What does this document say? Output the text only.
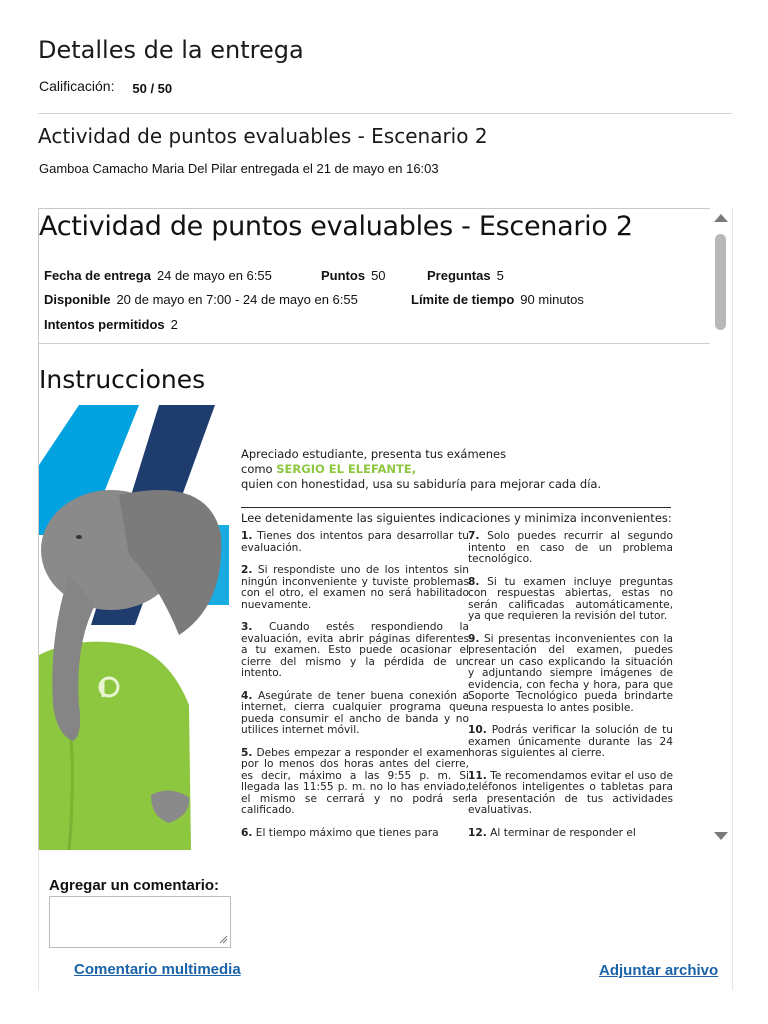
Detalles de la entrega
Calificación: 50 / 50
Actividad de puntos evaluables - Escenario 2
Gamboa Camacho Maria Del Pilar entregada el 21 de mayo en 16:03
Actividad de puntos evaluables - Escenario 2
Fecha de entrega 24 de mayo en 6:55	Puntos 50	Preguntas 5
Disponible 20 de mayo en 7:00 - 24 de mayo en 6:55	Límite de tiempo 90 minutos
Intentos permitidos 2
Instrucciones
Apreciado estudiante, presenta tus exámenes
como SERGIO EL ELEFANTE,
quien con honestidad, usa su sabiduría para mejorar cada día.
Lee detenidamente las siguientes indicaciones y minimiza inconvenientes:
1. Tienes dos intentos para desarrollar tu evaluación.
2. Si respondiste uno de los intentos sin ningún inconveniente y tuviste problemas con el otro, el examen no será habilitado nuevamente.
3. Cuando estés respondiendo la evaluación, evita abrir páginas diferentes a tu examen. Esto puede ocasionar el cierre del mismo y la pérdida de un intento.
4. Asegúrate de tener buena conexión a internet, cierra cualquier programa que pueda consumir el ancho de banda y no utilices internet móvil.
5. Debes empezar a responder el examen por lo menos dos horas antes del cierre, es decir, máximo a las 9:55 p. m. Si llegada las 11:55 p. m. no lo has enviado, el mismo se cerrará y no podrá ser calificado.
6. El tiempo máximo que tienes para
7. Solo puedes recurrir al segundo intento en caso de un problema tecnológico.
8. Si tu examen incluye preguntas con respuestas abiertas, estas no serán calificadas automáticamente, ya que requieren la revisión del tutor.
9. Si presentas inconvenientes con la presentación del examen, puedes crear un caso explicando la situación y adjuntando siempre imágenes de evidencia, con fecha y hora, para que Soporte Tecnológico pueda brindarte una respuesta lo antes posible.
10. Podrás verificar la solución de tu examen únicamente durante las 24 horas siguientes al cierre.
11. Te recomendamos evitar el uso de teléfonos inteligentes o tabletas para la presentación de tus actividades evaluativas.
12. Al terminar de responder el
Agregar un comentario:
Comentario multimedia	Adjuntar archivo
